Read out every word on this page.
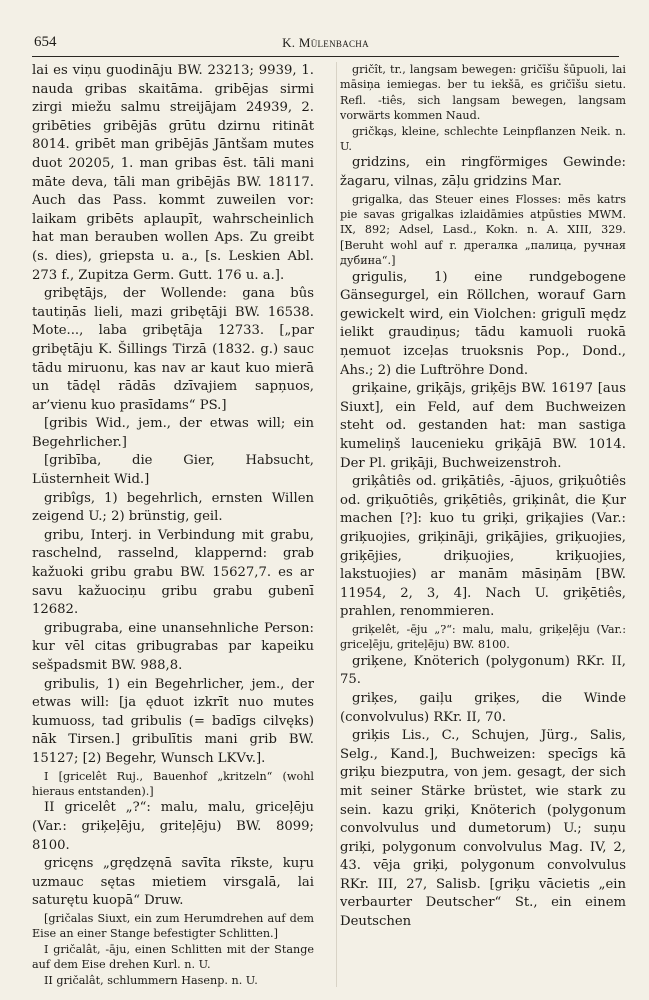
654	K. Mülenbacha

lai es viņu guodināju BW. 23213; 9939, 1. nauda gribas skaitāma. gribējas sirmi zirgi miežu salmu streijājam 24939, 2. gribēties gribējās grūtu dzirnu ritināt 8014. gribēt man gribējās Jāntšam mutes duot 20205, 1. man gribas ēst. tāli mani māte deva, tāli man gribējās BW. 18117. Auch das Pass. kommt zuweilen vor: laikam gribēts aplaupīt, wahrscheinlich hat man berauben wollen Aps. Zu greibt (s. dies), griepsta u. a., [s. Leskien Abl. 273 f., Zupitza Germ. Gutt. 176 u. a.].

gribętājs, der Wollende: gana bûs tautiņās lieli, mazi gribętāji BW. 16538. Mote..., laba gribętāja 12733. [„par gribętāju K. Šillings Tirzā (1832. g.) sauc tādu miruonu, kas nav ar kaut kuo mierā un tādęl rādās dzīvajiem sapņuos, ar’vienu kuo prasīdams“ PS.]

[gribis Wid., jem., der etwas will; ein Begehrlicher.]

[gribība, die Gier, Habsucht, Lüsternheit Wid.]

gribîgs, 1) begehrlich, ernsten Willen zeigend U.; 2) brünstig, geil.

gribu, Interj. in Verbindung mit grabu, raschelnd, rasselnd, klappernd: grab kažuoki gribu grabu BW. 15627,7. es ar savu kažuociņu gribu grabu gubenī 12682.

gribugraba, eine unansehnliche Person: kur vēl citas gribugrabas par kapeiku sešpadsmit BW. 988,8.

gribulis, 1) ein Begehrlicher, jem., der etwas will: [ja ęduot izkrīt nuo mutes kumuoss, tad gribulis (= badīgs cilvęks) nāk Tirsen.] gribulītis mani grib BW. 15127; [2) Begehr, Wunsch LKVv.].

I [gricelêt Ruj., Bauenhof „kritzeln“ (wohl hieraus entstanden).]

II gricelêt „?“: malu, malu, griceļēju (Var.: griķeļēju, griteļēju) BW. 8099; 8100.

gricęns „grędzęnā savīta rīkste, kuŗu uzmauc sętas mietiem virsgalā, lai saturętu kuopā“ Druw.

[gričalas Siuxt, ein zum Herumdrehen auf dem Eise an einer Stange befestigter Schlitten.]

I gričalât, -āju, einen Schlitten mit der Stange auf dem Eise drehen Kurl. n. U.

II gričalât, schlummern Hasenp. n. U.

gričît, tr., langsam bewegen: gričīšu šūpuoli, lai māsiņa iemiegas. ber tu iekšā, es gričīšu sietu. Refl. -tiês, sich langsam bewegen, langsam vorwärts kommen Naud.

grička̧s, kleine, schlechte Leinpflanzen Neik. n. U.

gridzins, ein ringförmiges Gewinde: žagaru, vilnas, zāļu gridzins Mar.

grigalka, das Steuer eines Flosses: mēs katrs pie savas grigalkas izlaidāmies atpūsties MWM. IX, 892; Adsel, Lasd., Kokn. n. A. XIII, 329. [Beruht wohl auf r. дрегалка „палица, ручная дубина“.]

grigulis, 1) eine rundgebogene Gänsegurgel, ein Röllchen, worauf Garn gewickelt wird, ein Violchen: grigulī mędz ielikt graudiņus; tādu kamuoli ruokā ņemuot izceļas truoksnis Pop., Dond., Ahs.; 2) die Luftröhre Dond.

griķaine, griķājs, griķējs BW. 16197 [aus Siuxt], ein Feld, auf dem Buchweizen steht od. gestanden hat: man sastiga kumeliņš laucenieku griķājā BW. 1014. Der Pl. griķāji, Buchweizenstroh.

griķâtiês od. griķātiês, -ājuos, griķuôtiês od. griķuōtiês, griķētiês, griķinât, die Ķur machen [?]: kuo tu griķi, griķajies (Var.: griķuojies, griķināji, griķājies, griķuojies, griķējies, driķuojies, kriķuojies, lakstuojies) ar manām māsiņām [BW. 11954, 2, 3, 4]. Nach U. griķētiês, prahlen, renommieren.

griķelêt, -ēju „?“: malu, malu, griķeļēju (Var.: griceļēju, griteļēju) BW. 8100.

griķene, Knöterich (polygonum) RKr. II, 75.

griķes, gaiļu griķes, die Winde (convolvulus) RKr. II, 70.

griķis Lis., C., Schujen, Jürg., Salis, Selg., Kand.], Buchweizen: specīgs kā griķu biezputra, von jem. gesagt, der sich mit seiner Stärke brüstet, wie stark zu sein. kazu griķi, Knöterich (polygonum convolvulus und dumetorum) U.; suņu griķi, polygonum convolvulus Mag. IV, 2, 43. vēja griķi, polygonum convolvulus RKr. III, 27, Salisb. [griķu vācietis „ein verbaurter Deutscher“ St., ein einem Deutschen
